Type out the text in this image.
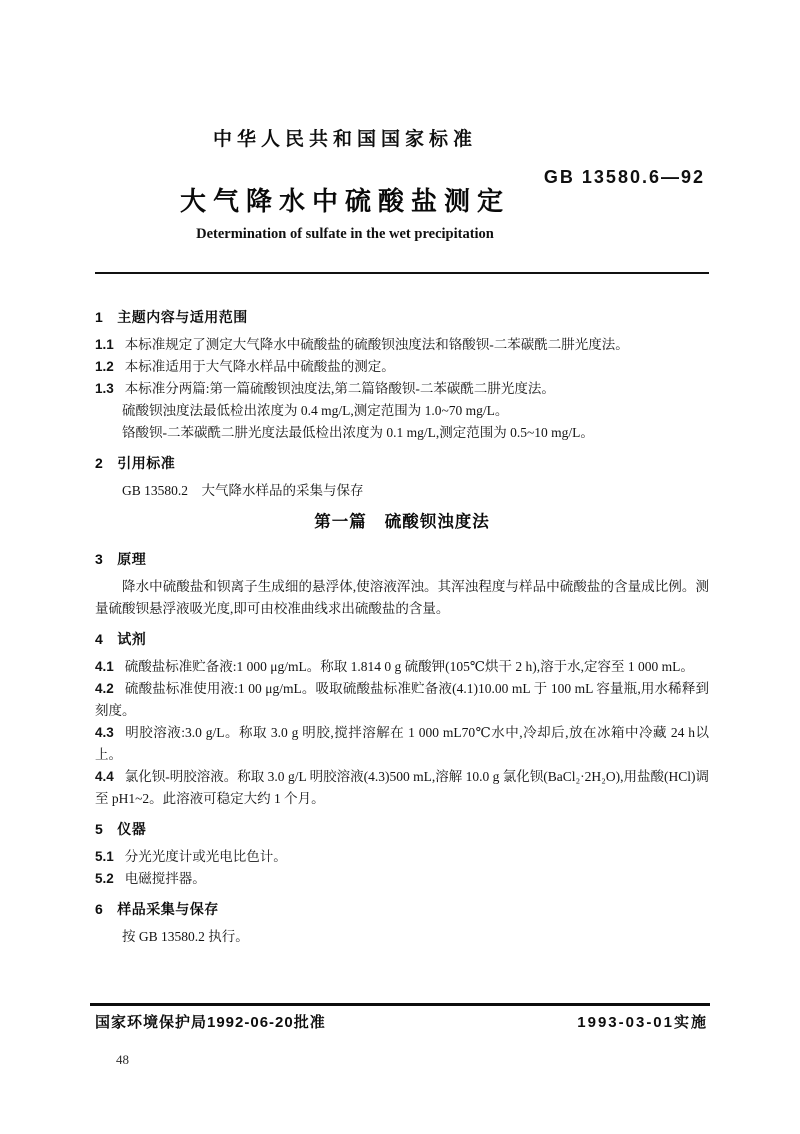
中华人民共和国国家标准
大气降水中硫酸盐测定
Determination of sulfate in the wet precipitation
GB 13580.6—92
1 主题内容与适用范围

1.1 本标准规定了测定大气降水中硫酸盐的硫酸钡浊度法和铬酸钡-二苯碳酰二肼光度法。

1.2 本标准适用于大气降水样品中硫酸盐的测定。

1.3 本标准分两篇:第一篇硫酸钡浊度法,第二篇铬酸钡-二苯碳酰二肼光度法。

硫酸钡浊度法最低检出浓度为 0.4 mg/L,测定范围为 1.0~70 mg/L。

铬酸钡-二苯碳酰二肼光度法最低检出浓度为 0.1 mg/L,测定范围为 0.5~10 mg/L。

2 引用标准

GB 13580.2　大气降水样品的采集与保存

第一篇 硫酸钡浊度法
3 原理

降水中硫酸盐和钡离子生成细的悬浮体,使溶液浑浊。其浑浊程度与样品中硫酸盐的含量成比例。测量硫酸钡悬浮液吸光度,即可由校准曲线求出硫酸盐的含量。

4 试剂

4.1 硫酸盐标准贮备液:1 000 μg/mL。称取 1.814 0 g 硫酸钾(105℃烘干 2 h),溶于水,定容至 1 000 mL。

4.2 硫酸盐标准使用液:1 00 μg/mL。吸取硫酸盐标准贮备液(4.1)10.00 mL 于 100 mL 容量瓶,用水稀释到刻度。

4.3 明胶溶液:3.0 g/L。称取 3.0 g 明胶,搅拌溶解在 1 000 mL70℃水中,冷却后,放在冰箱中冷藏 24 h以上。

4.4 氯化钡-明胶溶液。称取 3.0 g/L 明胶溶液(4.3)500 mL,溶解 10.0 g 氯化钡(BaCl₂·2H₂O),用盐酸(HCl)调至 pH1~2。此溶液可稳定大约 1 个月。

5 仪器

5.1 分光光度计或光电比色计。

5.2 电磁搅拌器。

6 样品采集与保存

按 GB 13580.2 执行。

国家环境保护局1992-06-20批准	1993-03-01实施
48
